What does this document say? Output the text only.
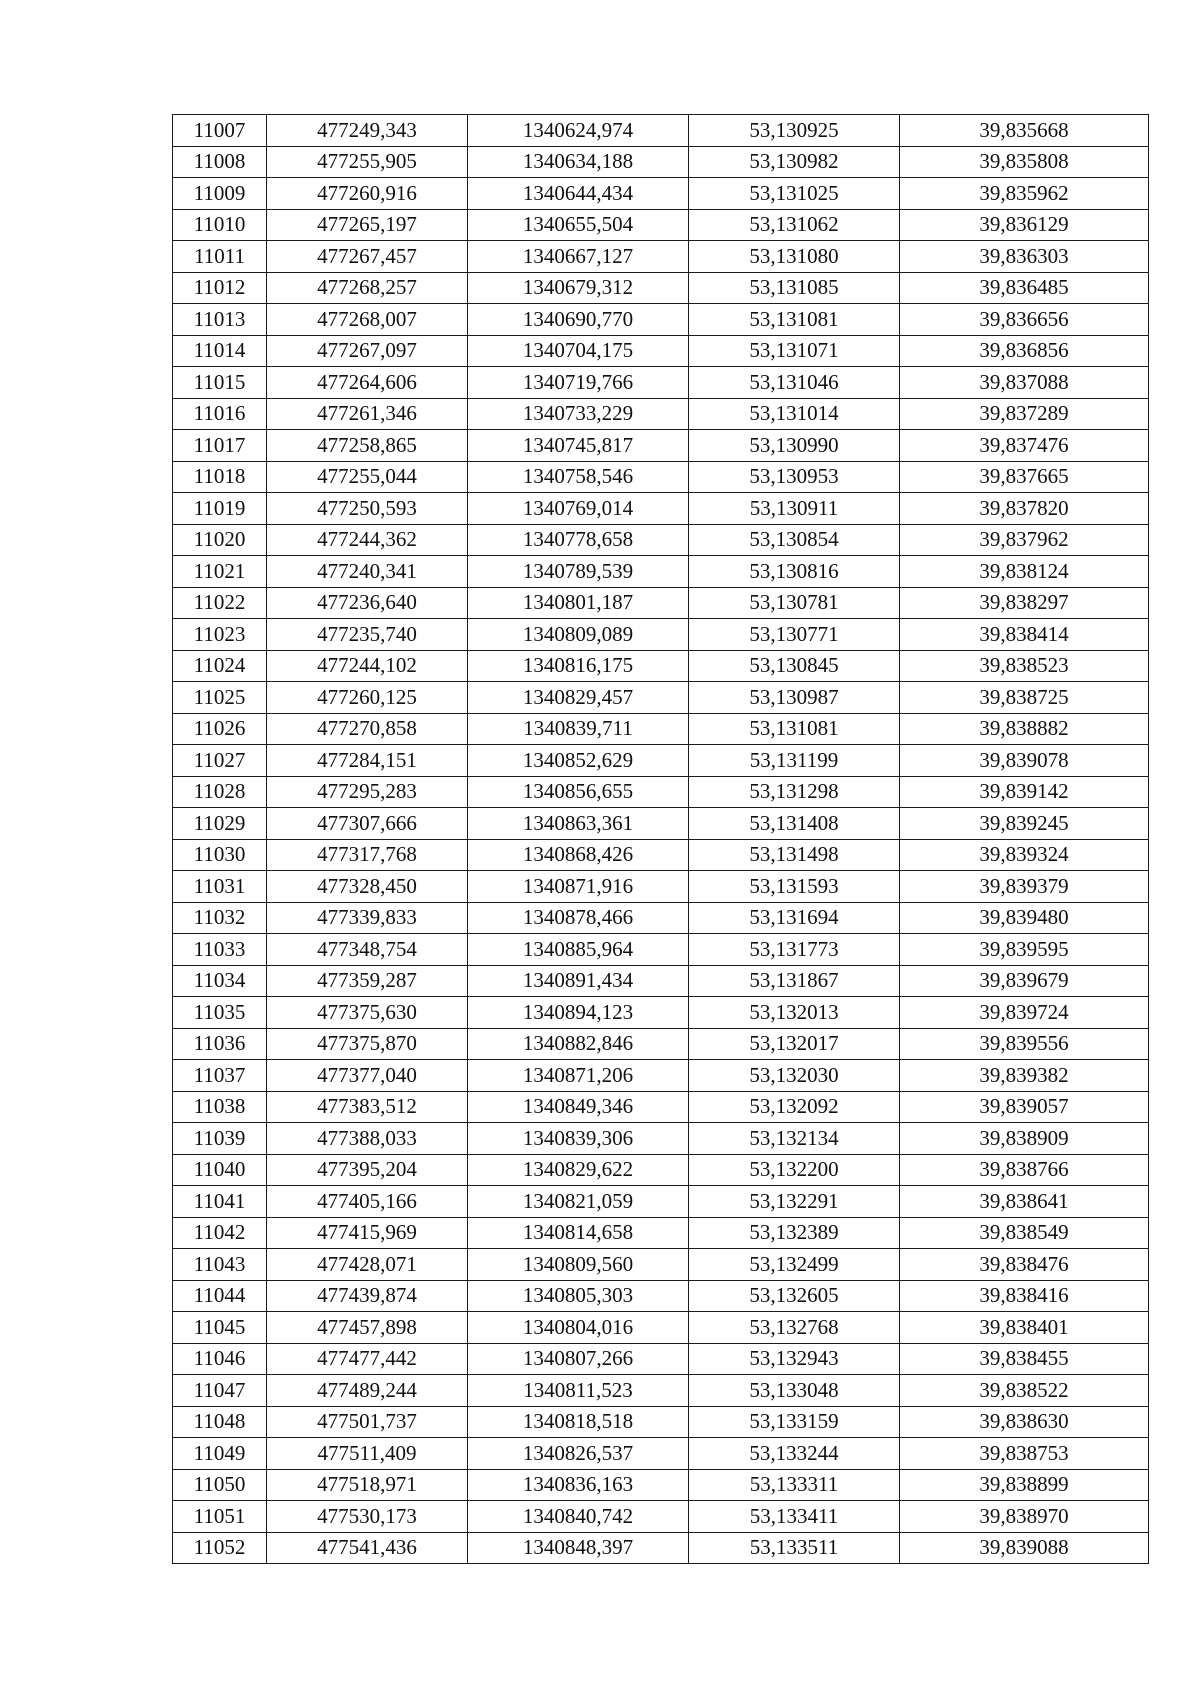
11007	477249,343	1340624,974	53,130925	39,835668
11008	477255,905	1340634,188	53,130982	39,835808
11009	477260,916	1340644,434	53,131025	39,835962
11010	477265,197	1340655,504	53,131062	39,836129
11011	477267,457	1340667,127	53,131080	39,836303
11012	477268,257	1340679,312	53,131085	39,836485
11013	477268,007	1340690,770	53,131081	39,836656
11014	477267,097	1340704,175	53,131071	39,836856
11015	477264,606	1340719,766	53,131046	39,837088
11016	477261,346	1340733,229	53,131014	39,837289
11017	477258,865	1340745,817	53,130990	39,837476
11018	477255,044	1340758,546	53,130953	39,837665
11019	477250,593	1340769,014	53,130911	39,837820
11020	477244,362	1340778,658	53,130854	39,837962
11021	477240,341	1340789,539	53,130816	39,838124
11022	477236,640	1340801,187	53,130781	39,838297
11023	477235,740	1340809,089	53,130771	39,838414
11024	477244,102	1340816,175	53,130845	39,838523
11025	477260,125	1340829,457	53,130987	39,838725
11026	477270,858	1340839,711	53,131081	39,838882
11027	477284,151	1340852,629	53,131199	39,839078
11028	477295,283	1340856,655	53,131298	39,839142
11029	477307,666	1340863,361	53,131408	39,839245
11030	477317,768	1340868,426	53,131498	39,839324
11031	477328,450	1340871,916	53,131593	39,839379
11032	477339,833	1340878,466	53,131694	39,839480
11033	477348,754	1340885,964	53,131773	39,839595
11034	477359,287	1340891,434	53,131867	39,839679
11035	477375,630	1340894,123	53,132013	39,839724
11036	477375,870	1340882,846	53,132017	39,839556
11037	477377,040	1340871,206	53,132030	39,839382
11038	477383,512	1340849,346	53,132092	39,839057
11039	477388,033	1340839,306	53,132134	39,838909
11040	477395,204	1340829,622	53,132200	39,838766
11041	477405,166	1340821,059	53,132291	39,838641
11042	477415,969	1340814,658	53,132389	39,838549
11043	477428,071	1340809,560	53,132499	39,838476
11044	477439,874	1340805,303	53,132605	39,838416
11045	477457,898	1340804,016	53,132768	39,838401
11046	477477,442	1340807,266	53,132943	39,838455
11047	477489,244	1340811,523	53,133048	39,838522
11048	477501,737	1340818,518	53,133159	39,838630
11049	477511,409	1340826,537	53,133244	39,838753
11050	477518,971	1340836,163	53,133311	39,838899
11051	477530,173	1340840,742	53,133411	39,838970
11052	477541,436	1340848,397	53,133511	39,839088
